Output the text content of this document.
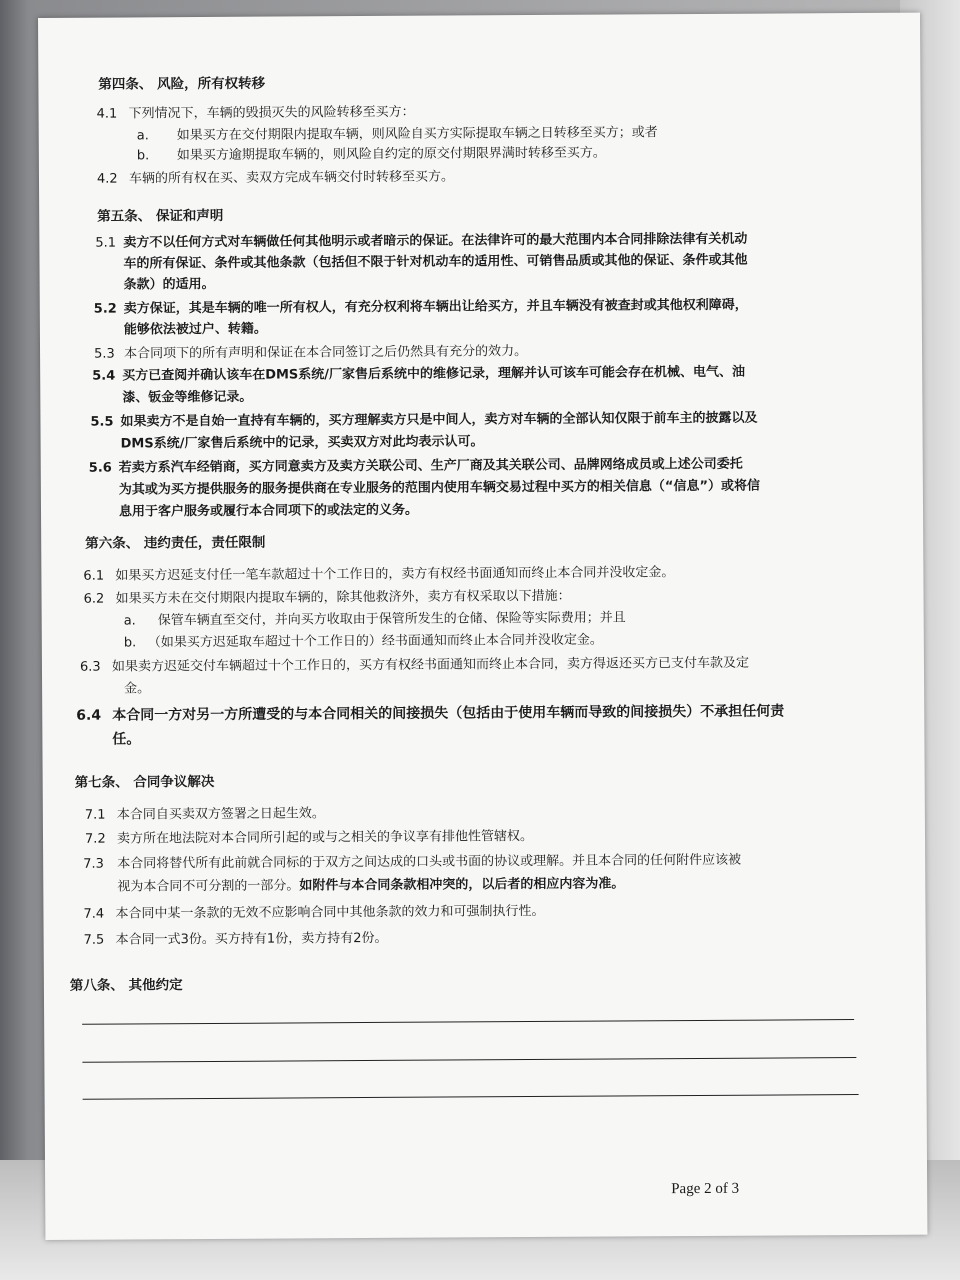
第四条、 风险，所有权转移
4.1 下列情况下，车辆的毁损灭失的风险转移至买方：
a. 如果买方在交付期限内提取车辆，则风险自买方实际提取车辆之日转移至买方；或者
b. 如果买方逾期提取车辆的，则风险自约定的原交付期限界满时转移至买方。
4.2 车辆的所有权在买、卖双方完成车辆交付时转移至买方。
第五条、 保证和声明
5.1 卖方不以任何方式对车辆做任何其他明示或者暗示的保证。在法律许可的最大范围内本合同排除法律有关机动
车的所有保证、条件或其他条款（包括但不限于针对机动车的适用性、可销售品质或其他的保证、条件或其他
条款）的适用。
5.2 卖方保证，其是车辆的唯一所有权人，有充分权利将车辆出让给买方，并且车辆没有被查封或其他权利障碍，
能够依法被过户、转籍。
5.3 本合同项下的所有声明和保证在本合同签订之后仍然具有充分的效力。
5.4 买方已查阅并确认该车在DMS系统/厂家售后系统中的维修记录，理解并认可该车可能会存在机械、电气、油
漆、钣金等维修记录。
5.5 如果卖方不是自始一直持有车辆的，买方理解卖方只是中间人，卖方对车辆的全部认知仅限于前车主的披露以及
DMS系统/厂家售后系统中的记录，买卖双方对此均表示认可。
5.6 若卖方系汽车经销商，买方同意卖方及卖方关联公司、生产厂商及其关联公司、品牌网络成员或上述公司委托
为其或为买方提供服务的服务提供商在专业服务的范围内使用车辆交易过程中买方的相关信息（“信息”）或将信
息用于客户服务或履行本合同项下的或法定的义务。
第六条、 违约责任，责任限制
6.1 如果买方迟延支付任一笔车款超过十个工作日的，卖方有权经书面通知而终止本合同并没收定金。
6.2 如果买方未在交付期限内提取车辆的，除其他救济外，卖方有权采取以下措施：
a. 保管车辆直至交付，并向买方收取由于保管所发生的仓储、保险等实际费用；并且
b. （如果买方迟延取车超过十个工作日的）经书面通知而终止本合同并没收定金。
6.3 如果卖方迟延交付车辆超过十个工作日的，买方有权经书面通知而终止本合同，卖方得返还买方已支付车款及定
金。
6.4 本合同一方对另一方所遭受的与本合同相关的间接损失（包括由于使用车辆而导致的间接损失）不承担任何责
任。
第七条、 合同争议解决
7.1 本合同自买卖双方签署之日起生效。
7.2 卖方所在地法院对本合同所引起的或与之相关的争议享有排他性管辖权。
7.3 本合同将替代所有此前就合同标的于双方之间达成的口头或书面的协议或理解。并且本合同的任何附件应该被
视为本合同不可分割的一部分。如附件与本合同条款相冲突的，以后者的相应内容为准。
7.4 本合同中某一条款的无效不应影响合同中其他条款的效力和可强制执行性。
7.5 本合同一式3份。买方持有1份，卖方持有2份。
第八条、 其他约定
Page 2 of 3
